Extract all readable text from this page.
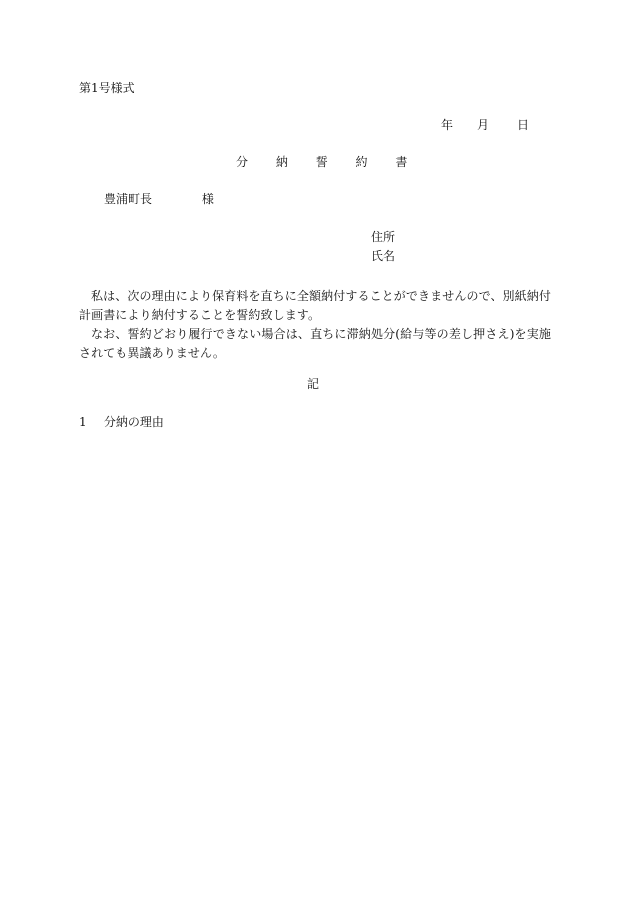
第1号様式
年	月	日
分 納 誓 約 書
豊浦町長	様
住所
氏名

私は、次の理由により保育料を直ちに全額納付することができませんので、別紙納付計画書により納付することを誓約致します。

なお、誓約どおり履行できない場合は、直ちに滞納処分(給与等の差し押さえ)を実施されても異議ありません。

記
1 分納の理由
